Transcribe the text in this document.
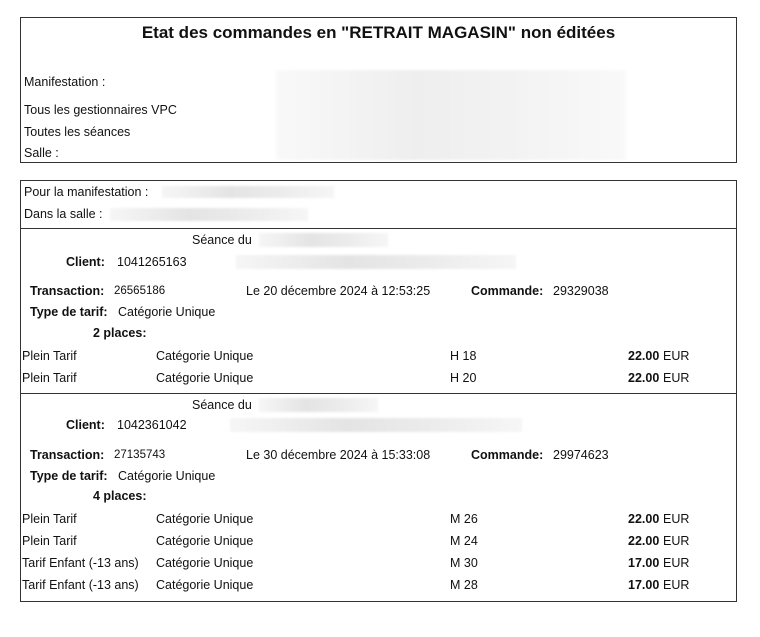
Etat des commandes en "RETRAIT MAGASIN" non éditées
Manifestation :
Tous les gestionnaires VPC
Toutes les séances
Salle :
Pour la manifestation :
Dans la salle :
Séance du
Client: 1041265163
Transaction: 26565186	Le 20 décembre 2024 à 12:53:25	Commande: 29329038
Type de tarif: Catégorie Unique
2 places:
Plein Tarif	Catégorie Unique	H 18	22.00 EUR
Plein Tarif	Catégorie Unique	H 20	22.00 EUR
Séance du
Client: 1042361042
Transaction: 27135743	Le 30 décembre 2024 à 15:33:08	Commande: 29974623
Type de tarif: Catégorie Unique
4 places:
Plein Tarif	Catégorie Unique	M 26	22.00 EUR
Plein Tarif	Catégorie Unique	M 24	22.00 EUR
Tarif Enfant (-13 ans) Catégorie Unique	M 30	17.00 EUR
Tarif Enfant (-13 ans) Catégorie Unique	M 28	17.00 EUR
